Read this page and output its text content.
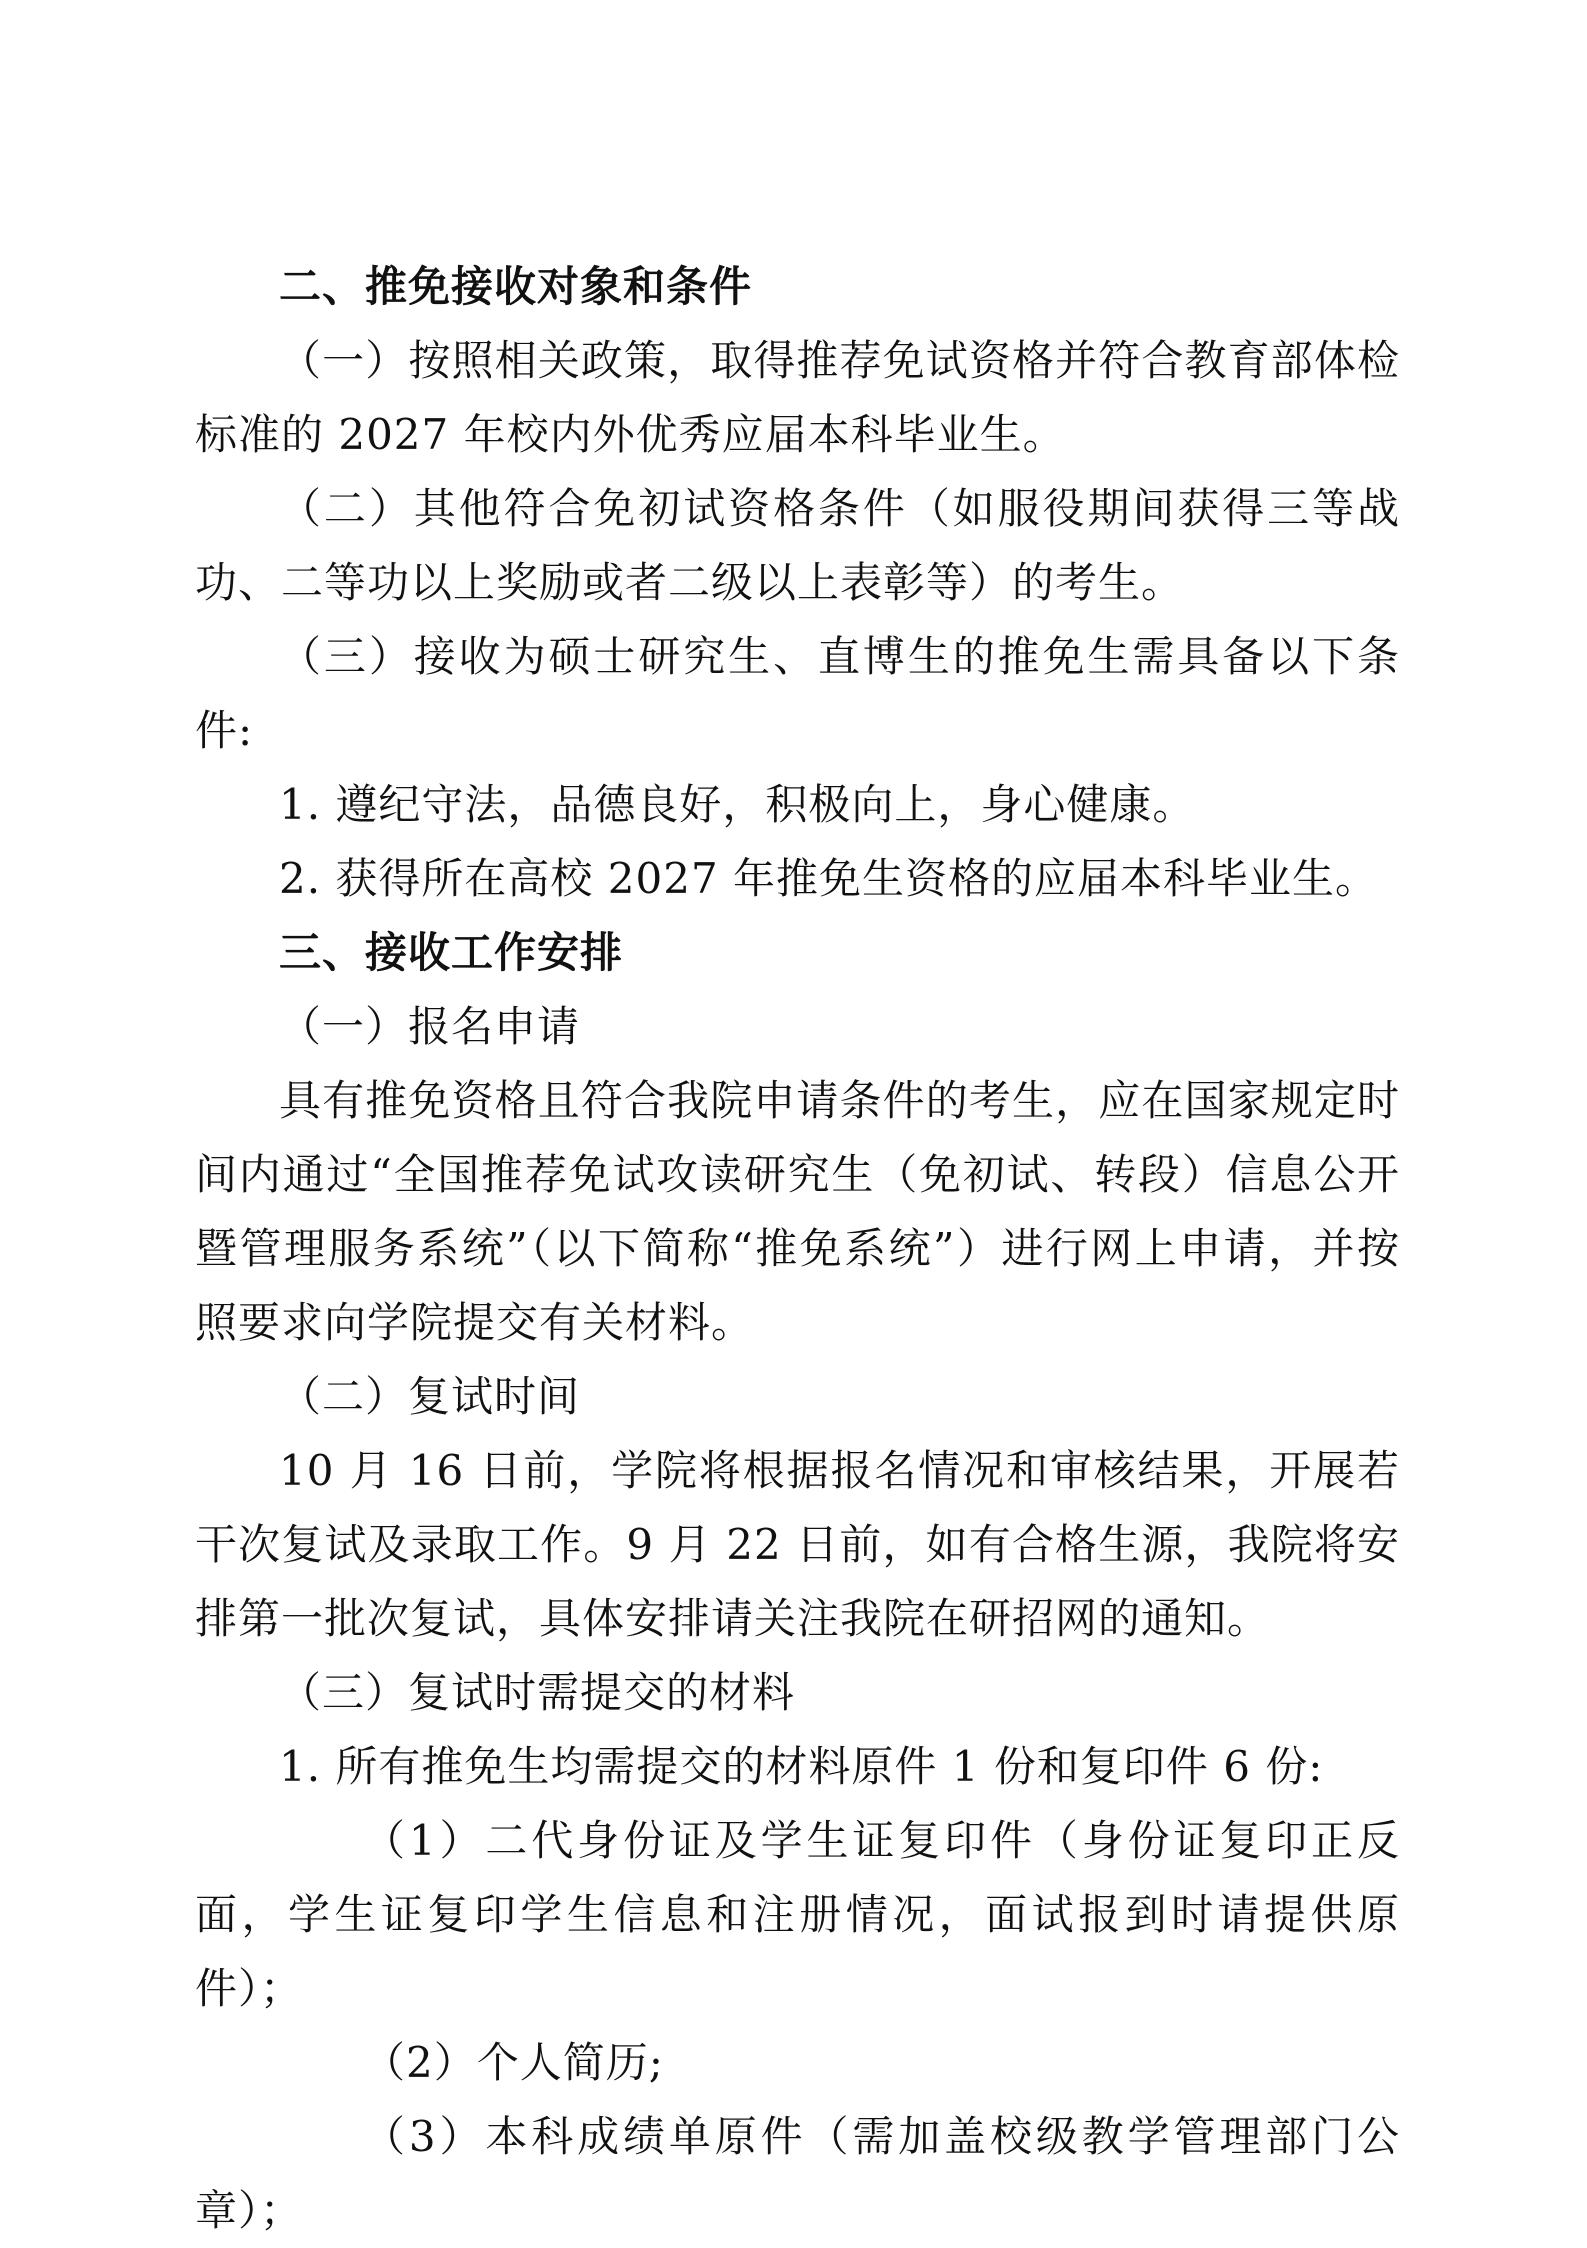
二、推免接收对象和条件

（一）按照相关政策，取得推荐免试资格并符合教育部体检标准的 2027 年校内外优秀应届本科毕业生。

（二）其他符合免初试资格条件（如服役期间获得三等战功、二等功以上奖励或者二级以上表彰等）的考生。

（三）接收为硕士研究生、直博生的推免生需具备以下条件:

1. 遵纪守法，品德良好，积极向上，身心健康。

2. 获得所在高校 2027 年推免生资格的应届本科毕业生。

三、接收工作安排

（一）报名申请

具有推免资格且符合我院申请条件的考生，应在国家规定时间内通过“全国推荐免试攻读研究生（免初试、转段）信息公开暨管理服务系统”（以下简称“推免系统”）进行网上申请，并按照要求向学院提交有关材料。

（二）复试时间

10 月 16 日前，学院将根据报名情况和审核结果，开展若干次复试及录取工作。9 月 22 日前，如有合格生源，我院将安排第一批次复试，具体安排请关注我院在研招网的通知。

（三）复试时需提交的材料

1. 所有推免生均需提交的材料原件 1 份和复印件 6 份:

（1）二代身份证及学生证复印件（身份证复印正反面，学生证复印学生信息和注册情况，面试报到时请提供原件）；

（2）个人简历;

（3）本科成绩单原件（需加盖校级教学管理部门公章）；
